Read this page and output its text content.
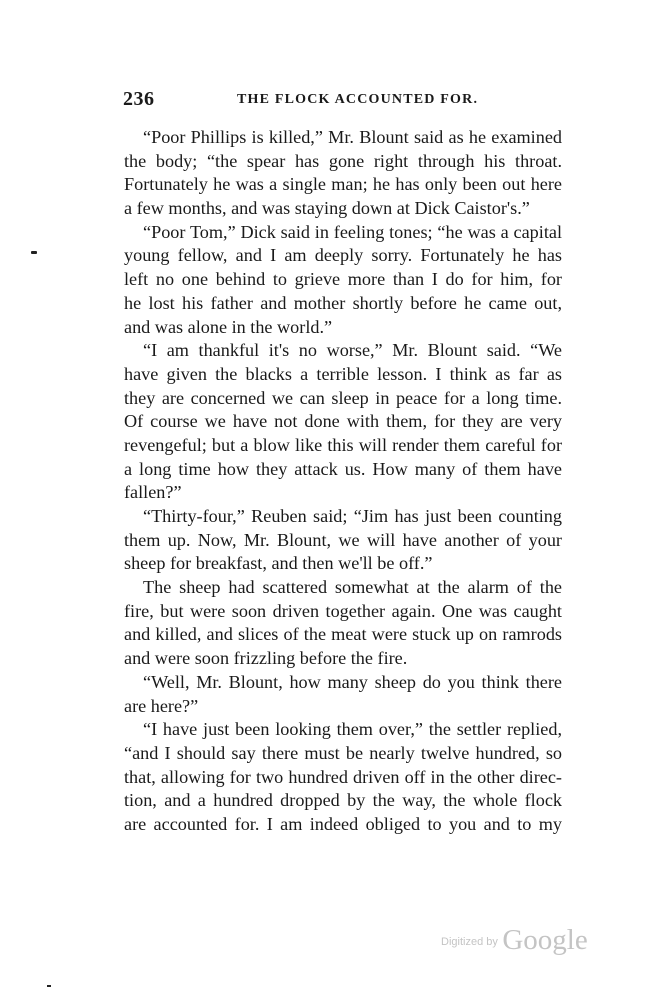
236	THE FLOCK ACCOUNTED FOR.
“Poor Phillips is killed,” Mr. Blount said as he examined
the body; “the spear has gone right through his throat.
Fortunately he was a single man; he has only been out here
a few months, and was staying down at Dick Caistor's.”
“Poor Tom,” Dick said in feeling tones; “he was a capital
young fellow, and I am deeply sorry. Fortunately he has
left no one behind to grieve more than I do for him, for
he lost his father and mother shortly before he came out,
and was alone in the world.”
“I am thankful it's no worse,” Mr. Blount said. “We
have given the blacks a terrible lesson. I think as far as
they are concerned we can sleep in peace for a long time.
Of course we have not done with them, for they are very
revengeful; but a blow like this will render them careful for
a long time how they attack us. How many of them have
fallen?”
“Thirty-four,” Reuben said; “Jim has just been counting
them up. Now, Mr. Blount, we will have another of your
sheep for breakfast, and then we'll be off.”
The sheep had scattered somewhat at the alarm of the
fire, but were soon driven together again. One was caught
and killed, and slices of the meat were stuck up on ramrods
and were soon frizzling before the fire.
“Well, Mr. Blount, how many sheep do you think there
are here?”
“I have just been looking them over,” the settler replied,
“and I should say there must be nearly twelve hundred, so
that, allowing for two hundred driven off in the other direc-
tion, and a hundred dropped by the way, the whole flock
are accounted for. I am indeed obliged to you and to my
$^{Digitized by}$ Google
